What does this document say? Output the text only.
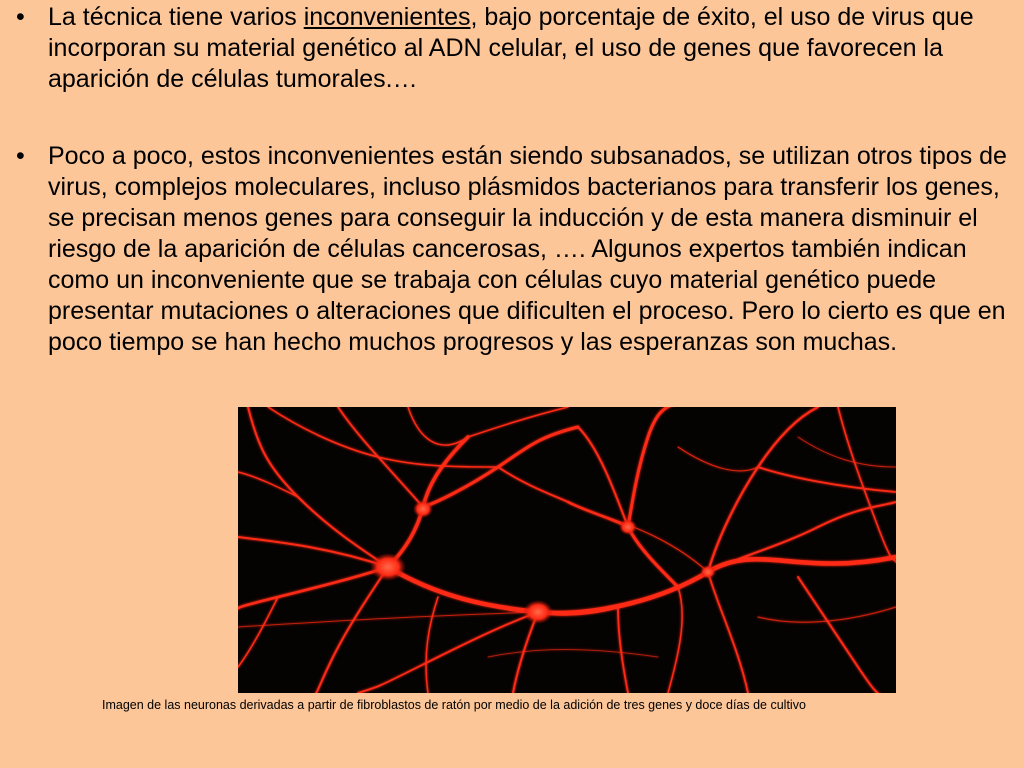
• La técnica tiene varios inconvenientes, bajo porcentaje de éxito, el uso de virus que incorporan su material genético al ADN celular, el uso de genes que favorecen la aparición de células tumorales.…

• Poco a poco, estos inconvenientes están siendo subsanados, se utilizan otros tipos de virus, complejos moleculares, incluso plásmidos bacterianos para transferir los genes, se precisan menos genes para conseguir la inducción y de esta manera disminuir el riesgo de la aparición de células cancerosas, …. Algunos expertos también indican como un inconveniente que se trabaja con células cuyo material genético puede presentar mutaciones o alteraciones que dificulten el proceso. Pero lo cierto es que en poco tiempo se han hecho muchos progresos y las esperanzas son muchas.

Imagen de las neuronas derivadas a partir de fibroblastos de ratón por medio de la adición de tres genes y doce días de cultivo
